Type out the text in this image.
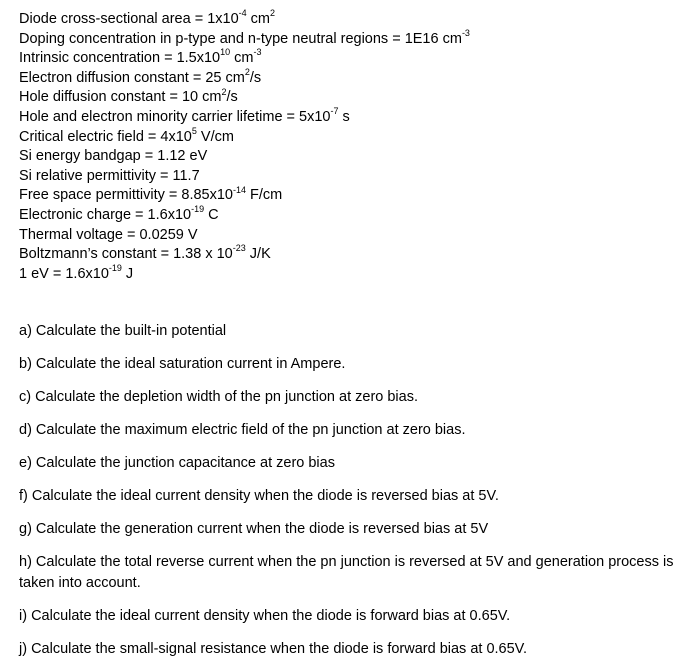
Diode cross-sectional area = $1x10^{-4}$ $cm^2$
Doping concentration in p-type and n-type neutral regions = 1E16 $cm^{-3}$
Intrinsic concentration = $1.5x10^{10}$ $cm^{-3}$
Electron diffusion constant = 25 $cm^2/s$
Hole diffusion constant = 10 $cm^2/s$
Hole and electron minority carrier lifetime = $5x10^{-7}$ s
Critical electric field = $4x10^5$ V/cm
Si energy bandgap = 1.12 eV
Si relative permittivity = 11.7
Free space permittivity = $8.85x10^{-14}$ F/cm
Electronic charge = $1.6x10^{-19}$ C
Thermal voltage = 0.0259 V
Boltzmann’s constant = 1.38 x $10^{-23}$ J/K
1 eV = $1.6x10^{-19}$ J
a) Calculate the built-in potential
b) Calculate the ideal saturation current in Ampere.
c) Calculate the depletion width of the pn junction at zero bias.
d) Calculate the maximum electric field of the pn junction at zero bias.
e) Calculate the junction capacitance at zero bias
f) Calculate the ideal current density when the diode is reversed bias at 5V.
g) Calculate the generation current when the diode is reversed bias at 5V
h) Calculate the total reverse current when the pn junction is reversed at 5V and generation process is taken into account.
i) Calculate the ideal current density when the diode is forward bias at 0.65V.
j) Calculate the small-signal resistance when the diode is forward bias at 0.65V.
